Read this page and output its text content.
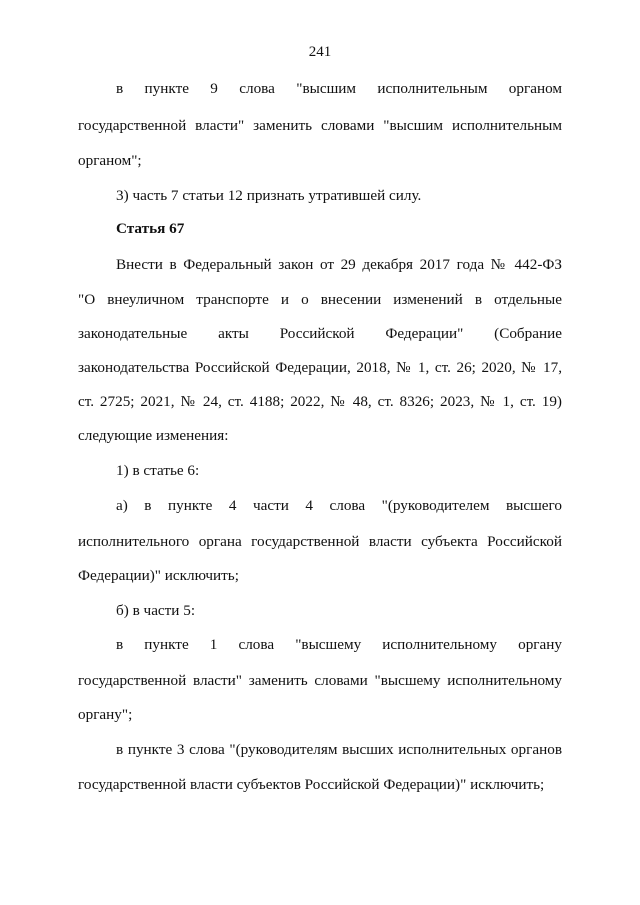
241
в пункте 9 слова "высшим исполнительным органом
государственной власти" заменить словами "высшим исполнительным
органом";
3) часть 7 статьи 12 признать утратившей силу.
Статья 67
Внести в Федеральный закон от 29 декабря 2017 года № 442-ФЗ
"О внеуличном транспорте и о внесении изменений в отдельные
законодательные акты Российской Федерации" (Собрание
законодательства Российской Федерации, 2018, № 1, ст. 26; 2020, № 17,
ст. 2725; 2021, № 24, ст. 4188; 2022, № 48, ст. 8326; 2023, № 1, ст. 19)
следующие изменения:
1) в статье 6:
а) в пункте 4 части 4 слова "(руководителем высшего
исполнительного органа государственной власти субъекта Российской
Федерации)" исключить;
б) в части 5:
в пункте 1 слова "высшему исполнительному органу
государственной власти" заменить словами "высшему исполнительному
органу";
в пункте 3 слова "(руководителям высших исполнительных органов
государственной власти субъектов Российской Федерации)" исключить;
